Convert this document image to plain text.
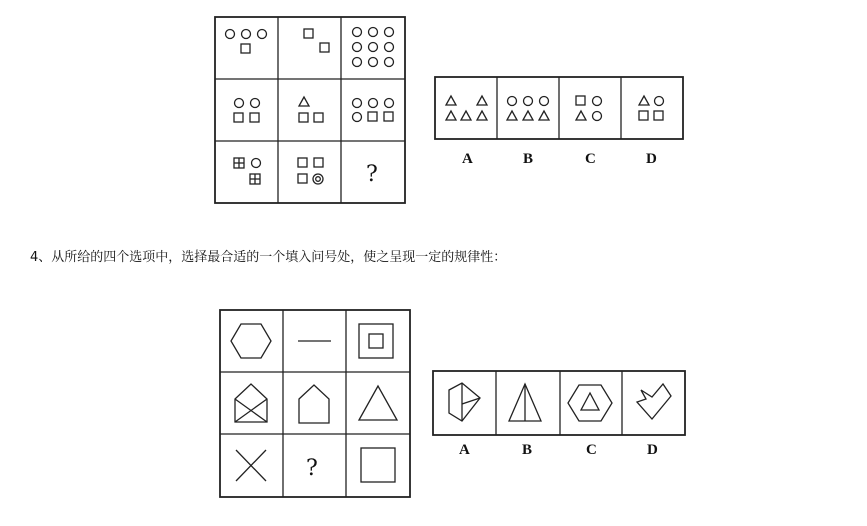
?
A	B	C	D
4、从所给的四个选项中，选择最合适的一个填入问号处，使之呈现一定的规律性：
?
A	B	C	D
